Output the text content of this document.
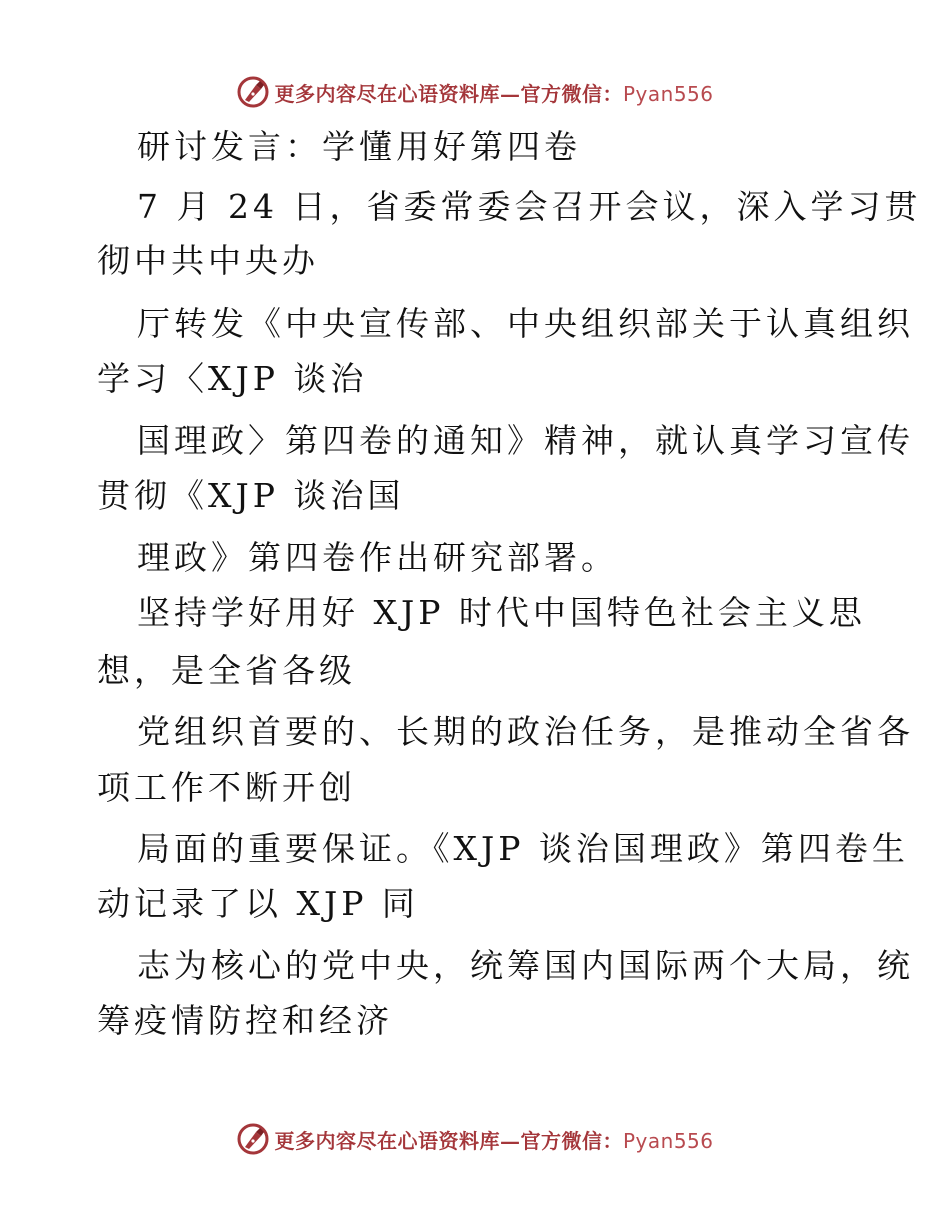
更多内容尽在心语资料库—官方微信：Pyan556
研讨发言：学懂用好第四卷
7 月 24 日，省委常委会召开会议，深入学习贯
彻中共中央办
厅转发《中央宣传部、中央组织部关于认真组织
学习〈XJP 谈治
国理政〉第四卷的通知》精神，就认真学习宣传
贯彻《XJP 谈治国
理政》第四卷作出研究部署。
坚持学好用好 XJP 时代中国特色社会主义思
想，是全省各级
党组织首要的、长期的政治任务，是推动全省各
项工作不断开创
局面的重要保证。《XJP 谈治国理政》第四卷生
动记录了以 XJP 同
志为核心的党中央，统筹国内国际两个大局，统
筹疫情防控和经济
更多内容尽在心语资料库—官方微信：Pyan556
